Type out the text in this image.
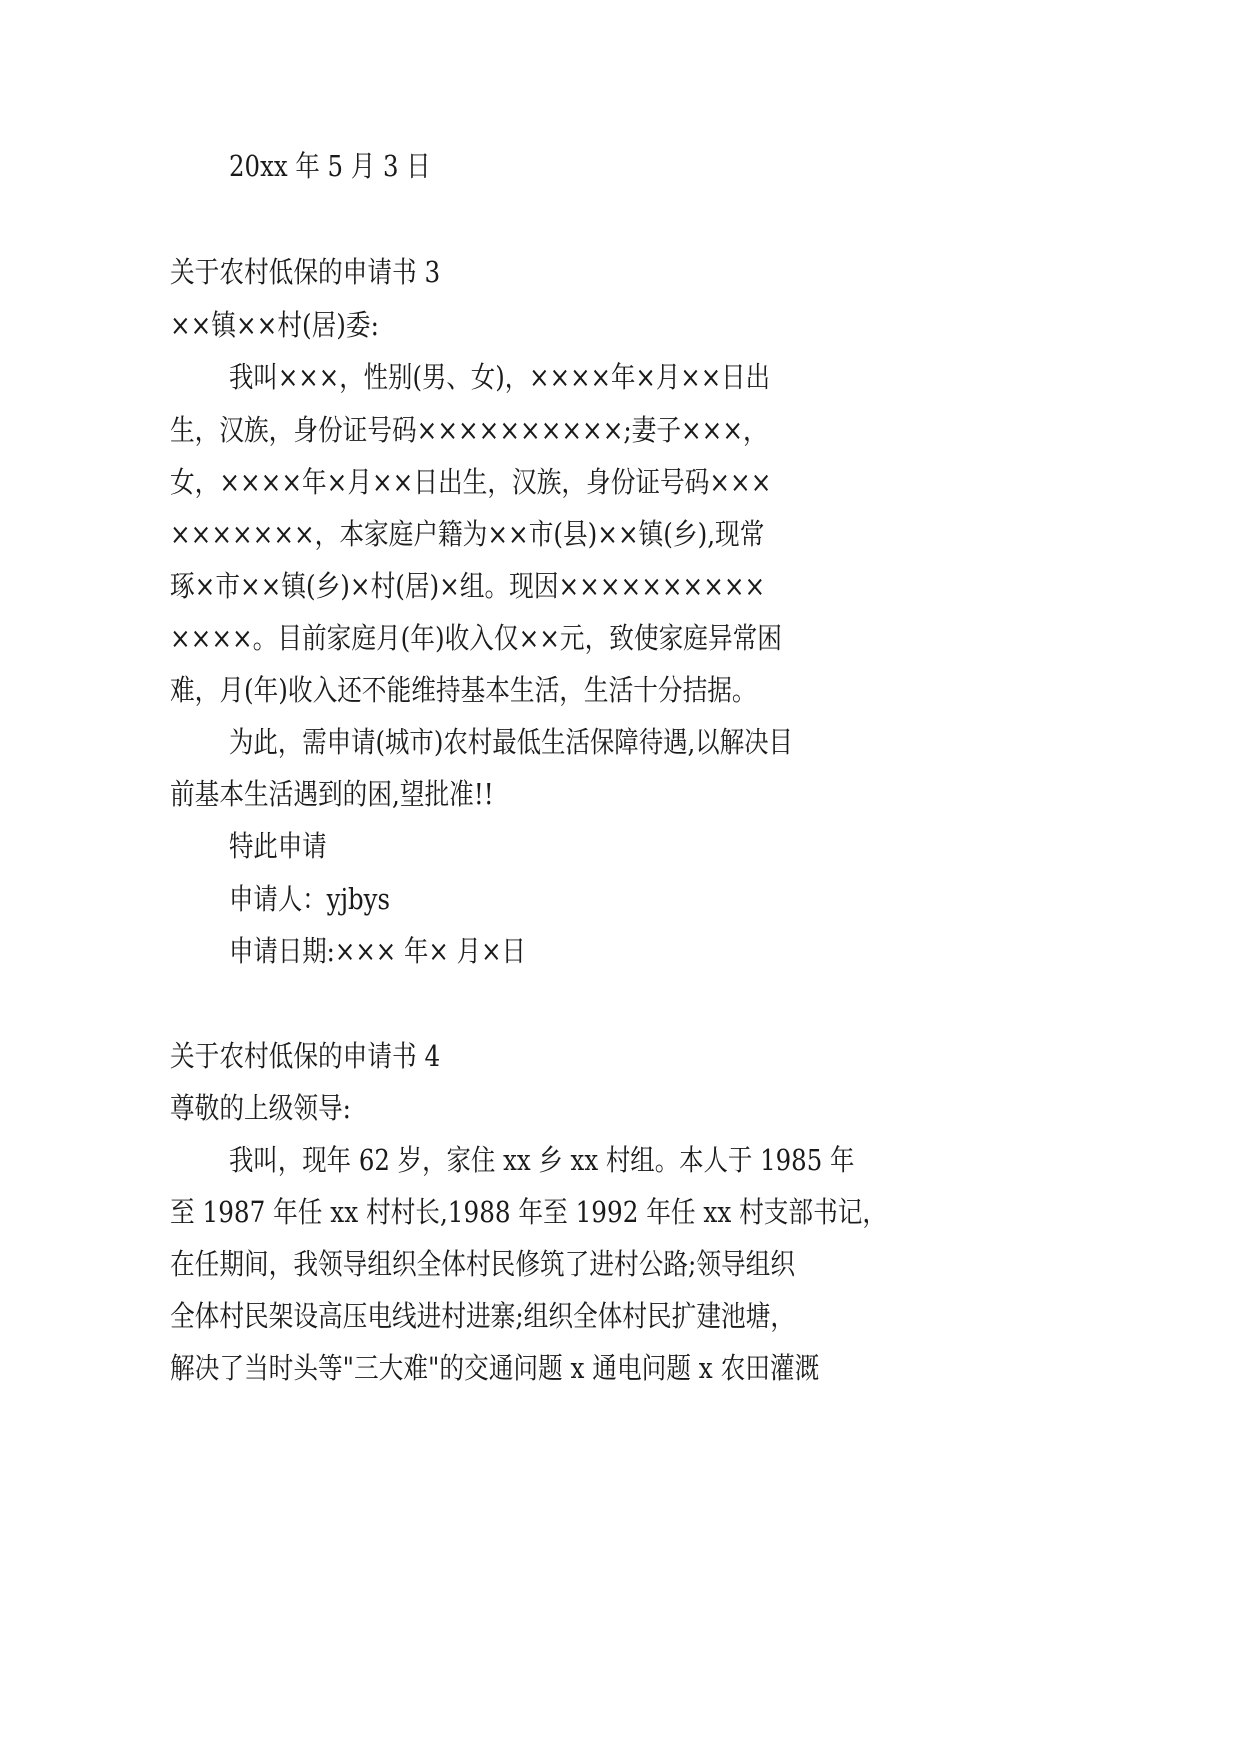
20xx 年 5 月 3 日
关于农村低保的申请书 3
××镇××村(居)委:
我叫×××，性别(男、女)，××××年×月××日出
生，汉族，身份证号码××××××××××;妻子×××，
女，××××年×月××日出生，汉族，身份证号码×××
×××××××，本家庭户籍为××市(县)××镇(乡),现常
琢×市××镇(乡)×村(居)×组。现因××××××××××
××××。目前家庭月(年)收入仅××元，致使家庭异常困
难，月(年)收入还不能维持基本生活，生活十分拮据。
为此，需申请(城市)农村最低生活保障待遇,以解决目
前基本生活遇到的困,望批准!!
特此申请
申请人：yjbys
申请日期:××× 年× 月×日
关于农村低保的申请书 4
尊敬的上级领导:
我叫，现年 62 岁，家住 xx 乡 xx 村组。本人于 1985 年
至 1987 年任 xx 村村长,1988 年至 1992 年任 xx 村支部书记，
在任期间，我领导组织全体村民修筑了进村公路;领导组织
全体村民架设高压电线进村进寨;组织全体村民扩建池塘，
解决了当时头等"三大难"的交通问题 x 通电问题 x 农田灌溉
